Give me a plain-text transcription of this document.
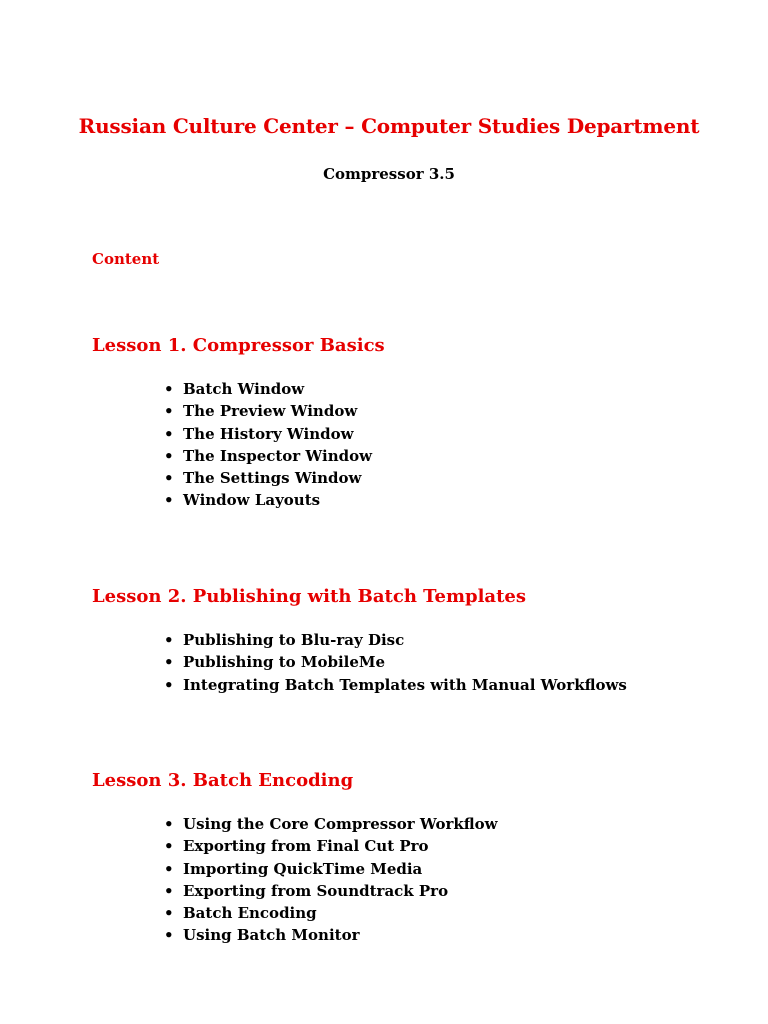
Russian Culture Center – Computer Studies Department
Compressor 3.5
Content
Lesson 1. Compressor Basics
• Batch Window
• The Preview Window
• The History Window
• The Inspector Window
• The Settings Window
• Window Layouts
Lesson 2. Publishing with Batch Templates
• Publishing to Blu-ray Disc
• Publishing to MobileMe
• Integrating Batch Templates with Manual Workflows
Lesson 3. Batch Encoding
• Using the Core Compressor Workflow
• Exporting from Final Cut Pro
• Importing QuickTime Media
• Exporting from Soundtrack Pro
• Batch Encoding
• Using Batch Monitor
